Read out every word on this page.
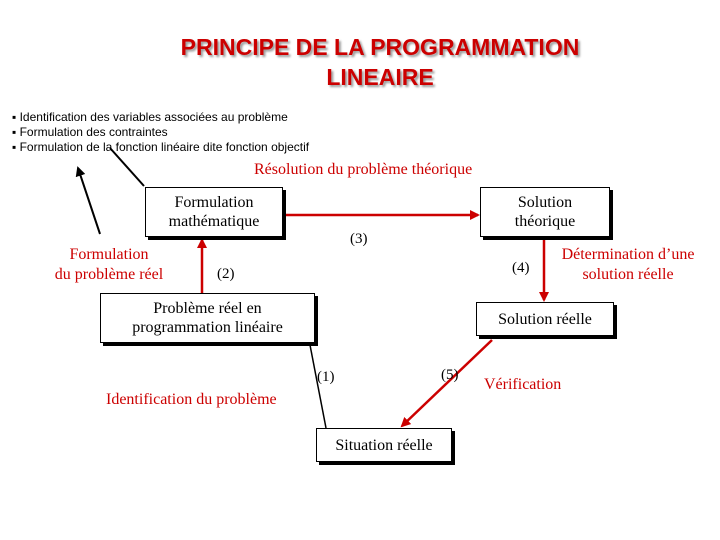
PRINCIPE DE LA PROGRAMMATION
LINEAIRE
▪ Identification des variables associées au problème
▪ Formulation des contraintes
▪ Formulation de la fonction linéaire dite fonction objectif
Résolution du problème théorique
Formulation
mathématique
Solution
théorique
Problème réel en
programmation linéaire	Solution réelle
Situation réelle
Formulation
du problème réel
Détermination d’une
solution réelle
Identification du problème
Vérification
(1)
(2)
(3)
(4)
(5)
